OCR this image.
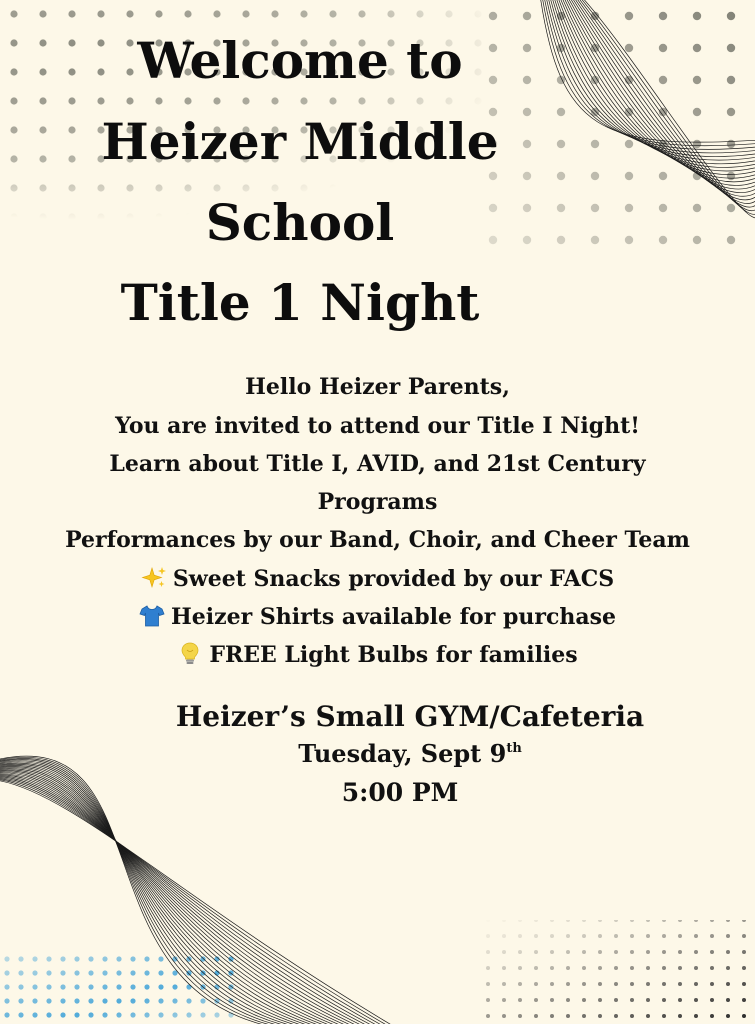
Welcome to
Heizer Middle
School
Title 1 Night
Hello Heizer Parents,
You are invited to attend our Title I Night!
Learn about Title I, AVID, and 21st Century
Programs
Performances by our Band, Choir, and Cheer Team
Sweet Snacks provided by our FACS
Heizer Shirts available for purchase
FREE Light Bulbs for families
Heizer’s Small GYM/Cafeteria
Tuesday, Sept 9th
5:00 PM
